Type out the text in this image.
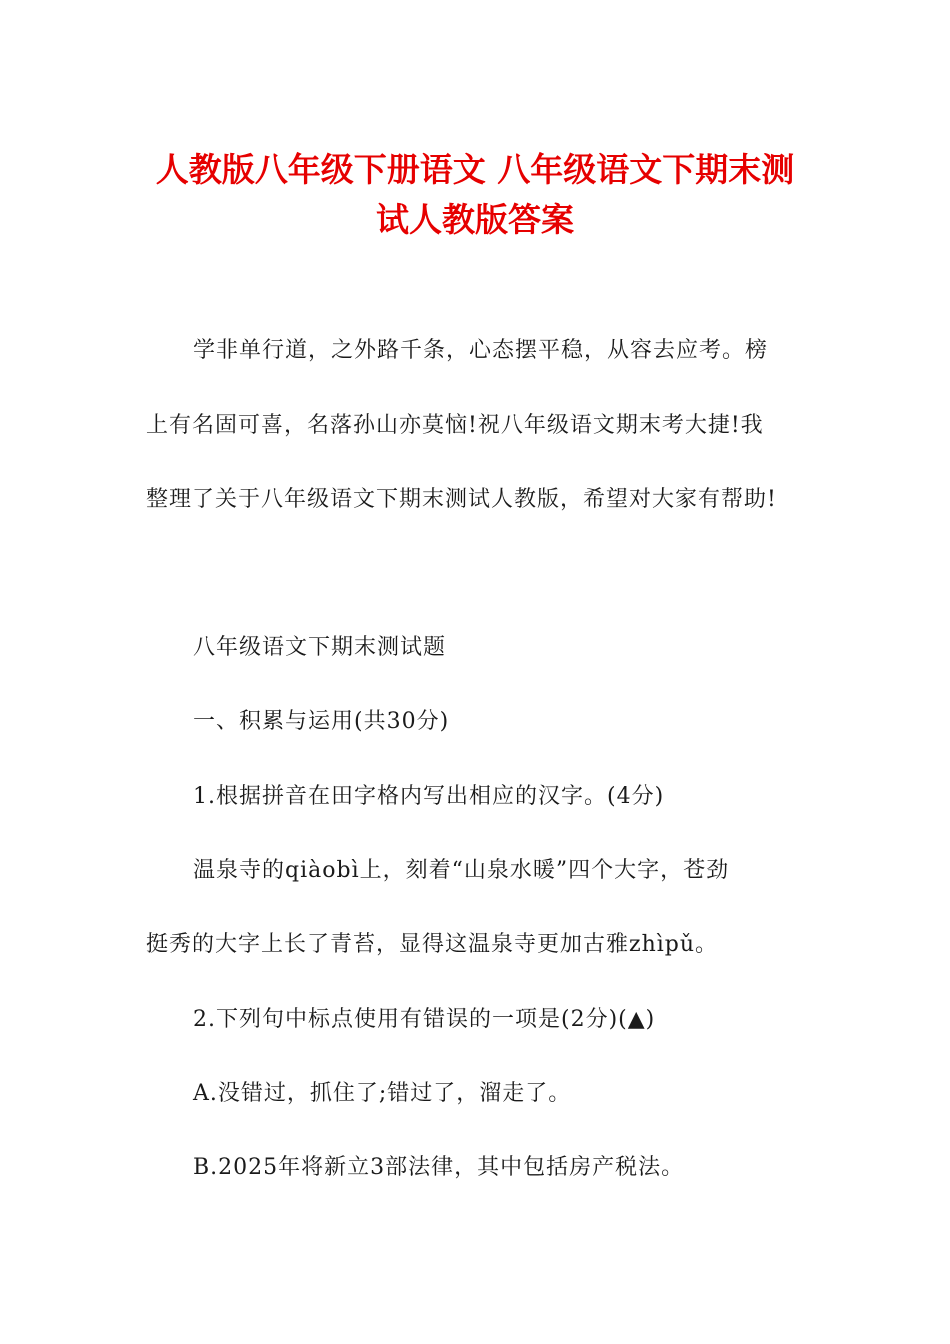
人教版八年级下册语文 八年级语文下期末测
试人教版答案
学非单行道，之外路千条，心态摆平稳，从容去应考。榜
上有名固可喜，名落孙山亦莫恼!祝八年级语文期末考大捷!我
整理了关于八年级语文下期末测试人教版，希望对大家有帮助!
八年级语文下期末测试题
一、积累与运用(共30分)
1.根据拼音在田字格内写出相应的汉字。(4分)
温泉寺的qiàobì上，刻着“山泉水暖”四个大字，苍劲
挺秀的大字上长了青苔，显得这温泉寺更加古雅zhìpǔ。
2.下列句中标点使用有错误的一项是(2分)(▲)
A.没错过，抓住了;错过了，溜走了。
B.2025年将新立3部法律，其中包括房产税法。
